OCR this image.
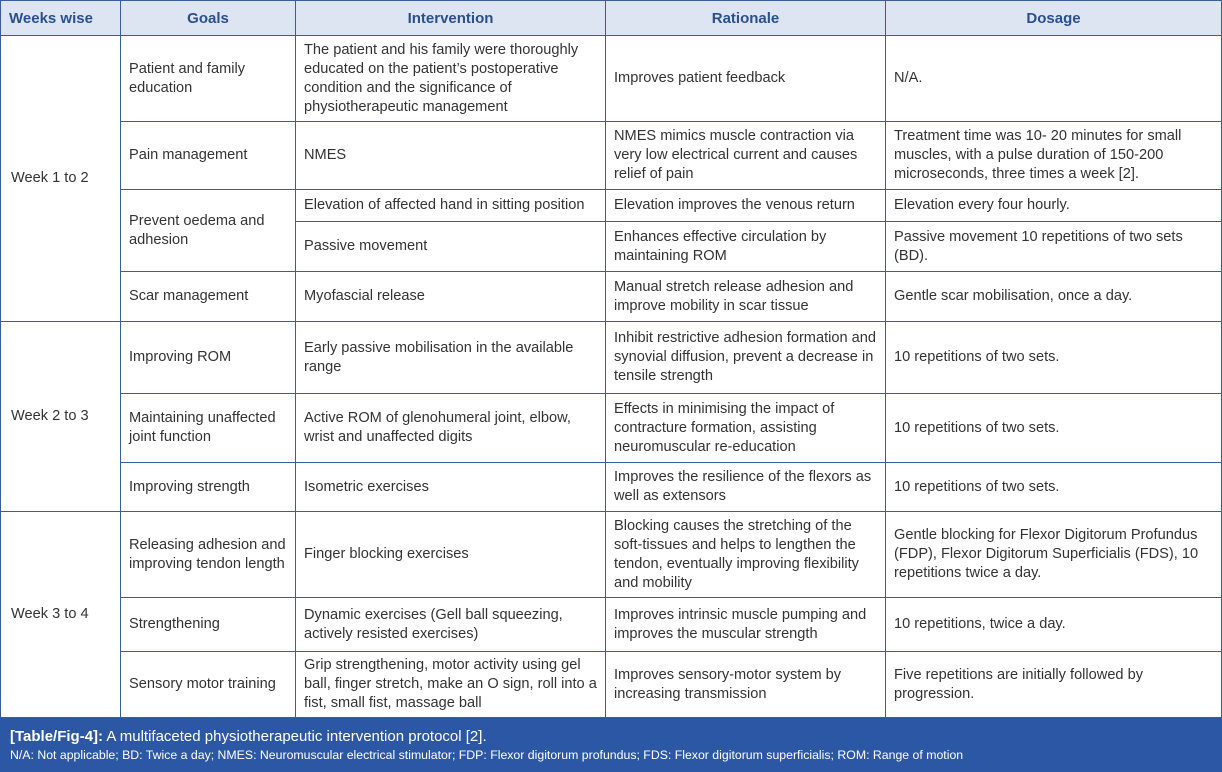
Weeks wise	Goals	Intervention	Rationale	Dosage
Week 1 to 2	Patient and family education	The patient and his family were thoroughly educated on the patient’s postoperative condition and the significance of physiotherapeutic management	Improves patient feedback	N/A.
	Pain management	NMES	NMES mimics muscle contraction via very low electrical current and causes relief of pain	Treatment time was 10- 20 minutes for small muscles, with a pulse duration of 150-200 microseconds, three times a week [2].
	Prevent oedema and adhesion	Elevation of affected hand in sitting position	Elevation improves the venous return	Elevation every four hourly.
		Passive movement	Enhances effective circulation by maintaining ROM	Passive movement 10 repetitions of two sets (BD).
	Scar management	Myofascial release	Manual stretch release adhesion and improve mobility in scar tissue	Gentle scar mobilisation, once a day.
Week 2 to 3	Improving ROM	Early passive mobilisation in the available range	Inhibit restrictive adhesion formation and synovial diffusion, prevent a decrease in tensile strength	10 repetitions of two sets.
	Maintaining unaffected joint function	Active ROM of glenohumeral joint, elbow, wrist and unaffected digits	Effects in minimising the impact of contracture formation, assisting neuromuscular re-education	10 repetitions of two sets.
	Improving strength	Isometric exercises	Improves the resilience of the flexors as well as extensors	10 repetitions of two sets.
Week 3 to 4	Releasing adhesion and improving tendon length	Finger blocking exercises	Blocking causes the stretching of the soft-tissues and helps to lengthen the tendon, eventually improving flexibility and mobility	Gentle blocking for Flexor Digitorum Profundus (FDP), Flexor Digitorum Superficialis (FDS), 10 repetitions twice a day.
	Strengthening	Dynamic exercises (Gell ball squeezing, actively resisted exercises)	Improves intrinsic muscle pumping and improves the muscular strength	10 repetitions, twice a day.
	Sensory motor training	Grip strengthening, motor activity using gel ball, finger stretch, make an O sign, roll into a fist, small fist, massage ball	Improves sensory-motor system by increasing transmission	Five repetitions are initially followed by progression.
[Table/Fig-4]: A multifaceted physiotherapeutic intervention protocol [2].
N/A: Not applicable; BD: Twice a day; NMES: Neuromuscular electrical stimulator; FDP: Flexor digitorum profundus; FDS: Flexor digitorum superficialis; ROM: Range of motion
